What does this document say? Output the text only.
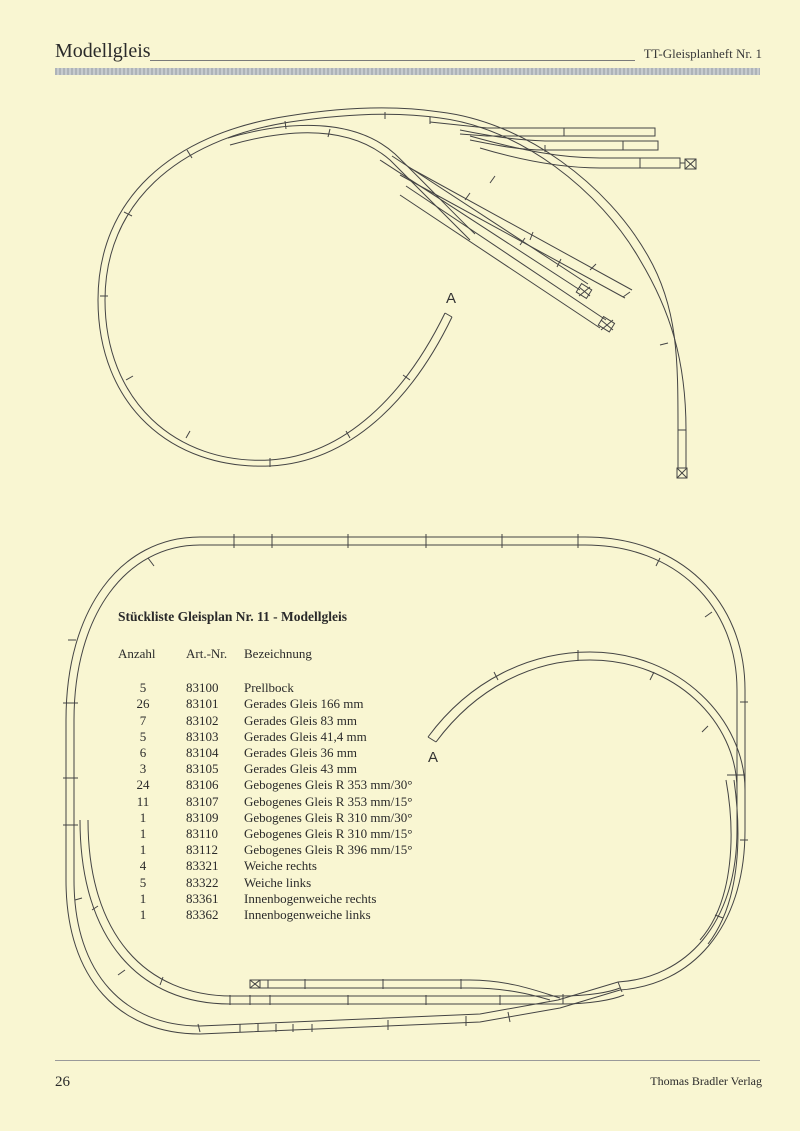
Modellgleis	TT-Gleisplanheft Nr. 1
A
A
Stückliste Gleisplan Nr. 11 - Modellgleis
Anzahl	Art.-Nr.	Bezeichnung
5	83100	Prellbock
26	83101	Gerades Gleis 166 mm
7	83102	Gerades Gleis 83 mm
5	83103	Gerades Gleis 41,4 mm
6	83104	Gerades Gleis 36 mm
3	83105	Gerades Gleis 43 mm
24	83106	Gebogenes Gleis R 353 mm/30°
11	83107	Gebogenes Gleis R 353 mm/15°
1	83109	Gebogenes Gleis R 310 mm/30°
1	83110	Gebogenes Gleis R 310 mm/15°
1	83112	Gebogenes Gleis R 396 mm/15°
4	83321	Weiche rechts
5	83322	Weiche links
1	83361	Innenbogenweiche rechts
1	83362	Innenbogenweiche links
26	Thomas Bradler Verlag
